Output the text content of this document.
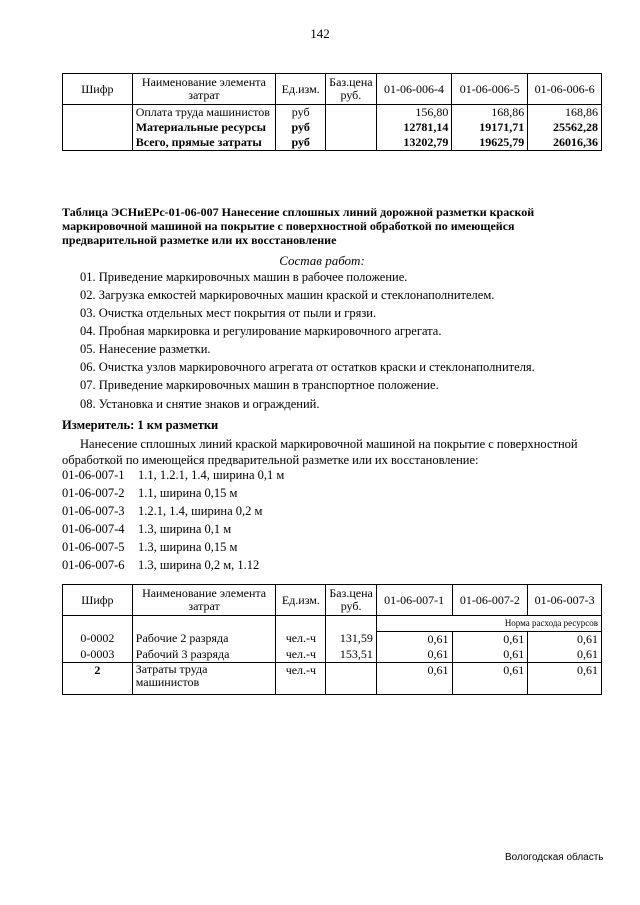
142
Шифр	Наименование элемента затрат	Ед.изм.	Баз.цена руб.	01-06-006-4	01-06-006-5	01-06-006-6
	Оплата труда машинистов	руб		156,80	168,86	168,86
	Материальные ресурсы	руб		12781,14	19171,71	25562,28
	Всего, прямые затраты	руб		13202,79	19625,79	26016,36
Таблица ЭСНиЕРс-01-06-007 Нанесение сплошных линий дорожной разметки краской маркировочной машиной на покрытие с поверхностной обработкой по имеющейся предварительной разметке или их восстановление
Состав работ:
01. Приведение маркировочных машин в рабочее положение.
02. Загрузка емкостей маркировочных машин краской и стеклонаполнителем.
03. Очистка отдельных мест покрытия от пыли и грязи.
04. Пробная маркировка и регулирование маркировочного агрегата.
05. Нанесение разметки.
06. Очистка узлов маркировочного агрегата от остатков краски и стеклонаполнителя.
07. Приведение маркировочных машин в транспортное положение.
08. Установка и снятие знаков и ограждений.
Измеритель: 1 км разметки
Нанесение сплошных линий краской маркировочной машиной на покрытие с поверхностной обработкой по имеющейся предварительной разметке или их восстановление:
01-06-007-1 1.1, 1.2.1, 1.4, ширина 0,1 м
01-06-007-2 1.1, ширина 0,15 м
01-06-007-3 1.2.1, 1.4, ширина 0,2 м
01-06-007-4 1.3, ширина 0,1 м
01-06-007-5 1.3, ширина 0,15 м
01-06-007-6 1.3, ширина 0,2 м, 1.12
Шифр	Наименование элемента затрат	Ед.изм.	Баз.цена руб.	01-06-007-1	01-06-007-2	01-06-007-3
				Норма расхода ресурсов		
0-0002	Рабочие 2 разряда	чел.-ч	131,59	0,61	0,61	0,61
0-0003	Рабочий 3 разряда	чел.-ч	153,51	0,61	0,61	0,61
2	Затраты труда машинистов	чел.-ч		0,61	0,61	0,61
Вологодская область
